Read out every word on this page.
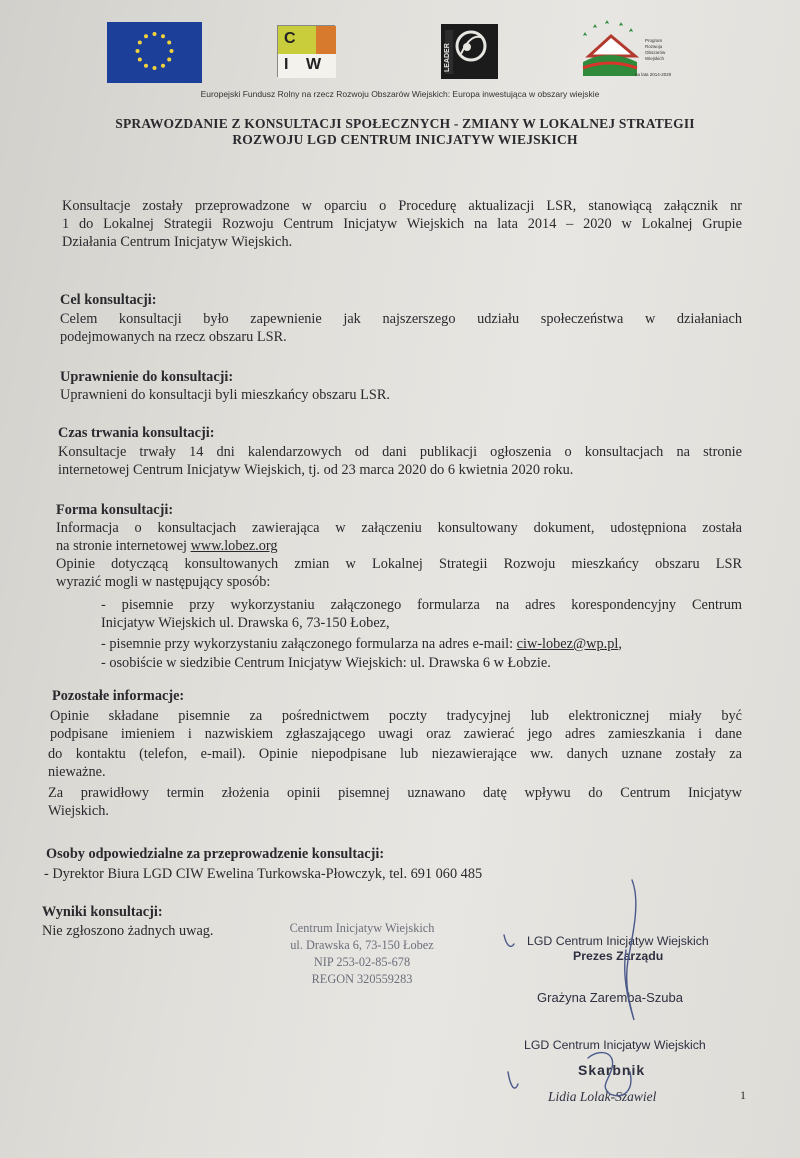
C
I W	LEADER
Program
Rozwoju
Obszarów
Wiejskich
na lata 2014-2020
Europejski Fundusz Rolny na rzecz Rozwoju Obszarów Wiejskich: Europa inwestująca w obszary wiejskie
SPRAWOZDANIE Z KONSULTACJI SPOŁECZNYCH - ZMIANY W LOKALNEJ STRATEGII
ROZWOJU LGD CENTRUM INICJATYW WIEJSKICH
Konsultacje zostały przeprowadzone w oparciu o Procedurę aktualizacji LSR, stanowiącą załącznik nr
1 do Lokalnej Strategii Rozwoju Centrum Inicjatyw Wiejskich na lata 2014 – 2020 w Lokalnej Grupie
Działania Centrum Inicjatyw Wiejskich.
Cel konsultacji:
Celem konsultacji było zapewnienie jak najszerszego udziału społeczeństwa w działaniach
podejmowanych na rzecz obszaru LSR.
Uprawnienie do konsultacji:
Uprawnieni do konsultacji byli mieszkańcy obszaru LSR.
Czas trwania konsultacji:
Konsultacje trwały 14 dni kalendarzowych od dani publikacji ogłoszenia o konsultacjach na stronie
internetowej Centrum Inicjatyw Wiejskich, tj. od 23 marca 2020 do 6 kwietnia 2020 roku.
Forma konsultacji:
Informacja o konsultacjach zawierająca w załączeniu konsultowany dokument, udostępniona została
na stronie internetowej www.lobez.org
Opinie dotyczącą konsultowanych zmian w Lokalnej Strategii Rozwoju mieszkańcy obszaru LSR
wyrazić mogli w następujący sposób:
- pisemnie przy wykorzystaniu załączonego formularza na adres korespondencyjny Centrum
Inicjatyw Wiejskich ul. Drawska 6, 73-150 Łobez,
- pisemnie przy wykorzystaniu załączonego formularza na adres e-mail: ciw-lobez@wp.pl,
- osobiście w siedzibie Centrum Inicjatyw Wiejskich: ul. Drawska 6 w Łobzie.
Pozostałe informacje:
Opinie składane pisemnie za pośrednictwem poczty tradycyjnej lub elektronicznej miały być
podpisane imieniem i nazwiskiem zgłaszającego uwagi oraz zawierać jego adres zamieszkania i dane
do kontaktu (telefon, e-mail). Opinie niepodpisane lub niezawierające ww. danych uznane zostały za
nieważne.
Za prawidłowy termin złożenia opinii pisemnej uznawano datę wpływu do Centrum Inicjatyw
Wiejskich.
Osoby odpowiedzialne za przeprowadzenie konsultacji:
- Dyrektor Biura LGD CIW Ewelina Turkowska-Płowczyk, tel. 691 060 485
Wyniki konsultacji:
Nie zgłoszono żadnych uwag.	Centrum Inicjatyw Wiejskich
ul. Drawska 6, 73-150 Łobez
NIP 253-02-85-678
REGON 320559283
LGD Centrum Inicjatyw Wiejskich
Prezes Zarządu
Grażyna Zaremba-Szuba
LGD Centrum Inicjatyw Wiejskich
Skarbnik
Lidia Lolak-Szawiel	1
